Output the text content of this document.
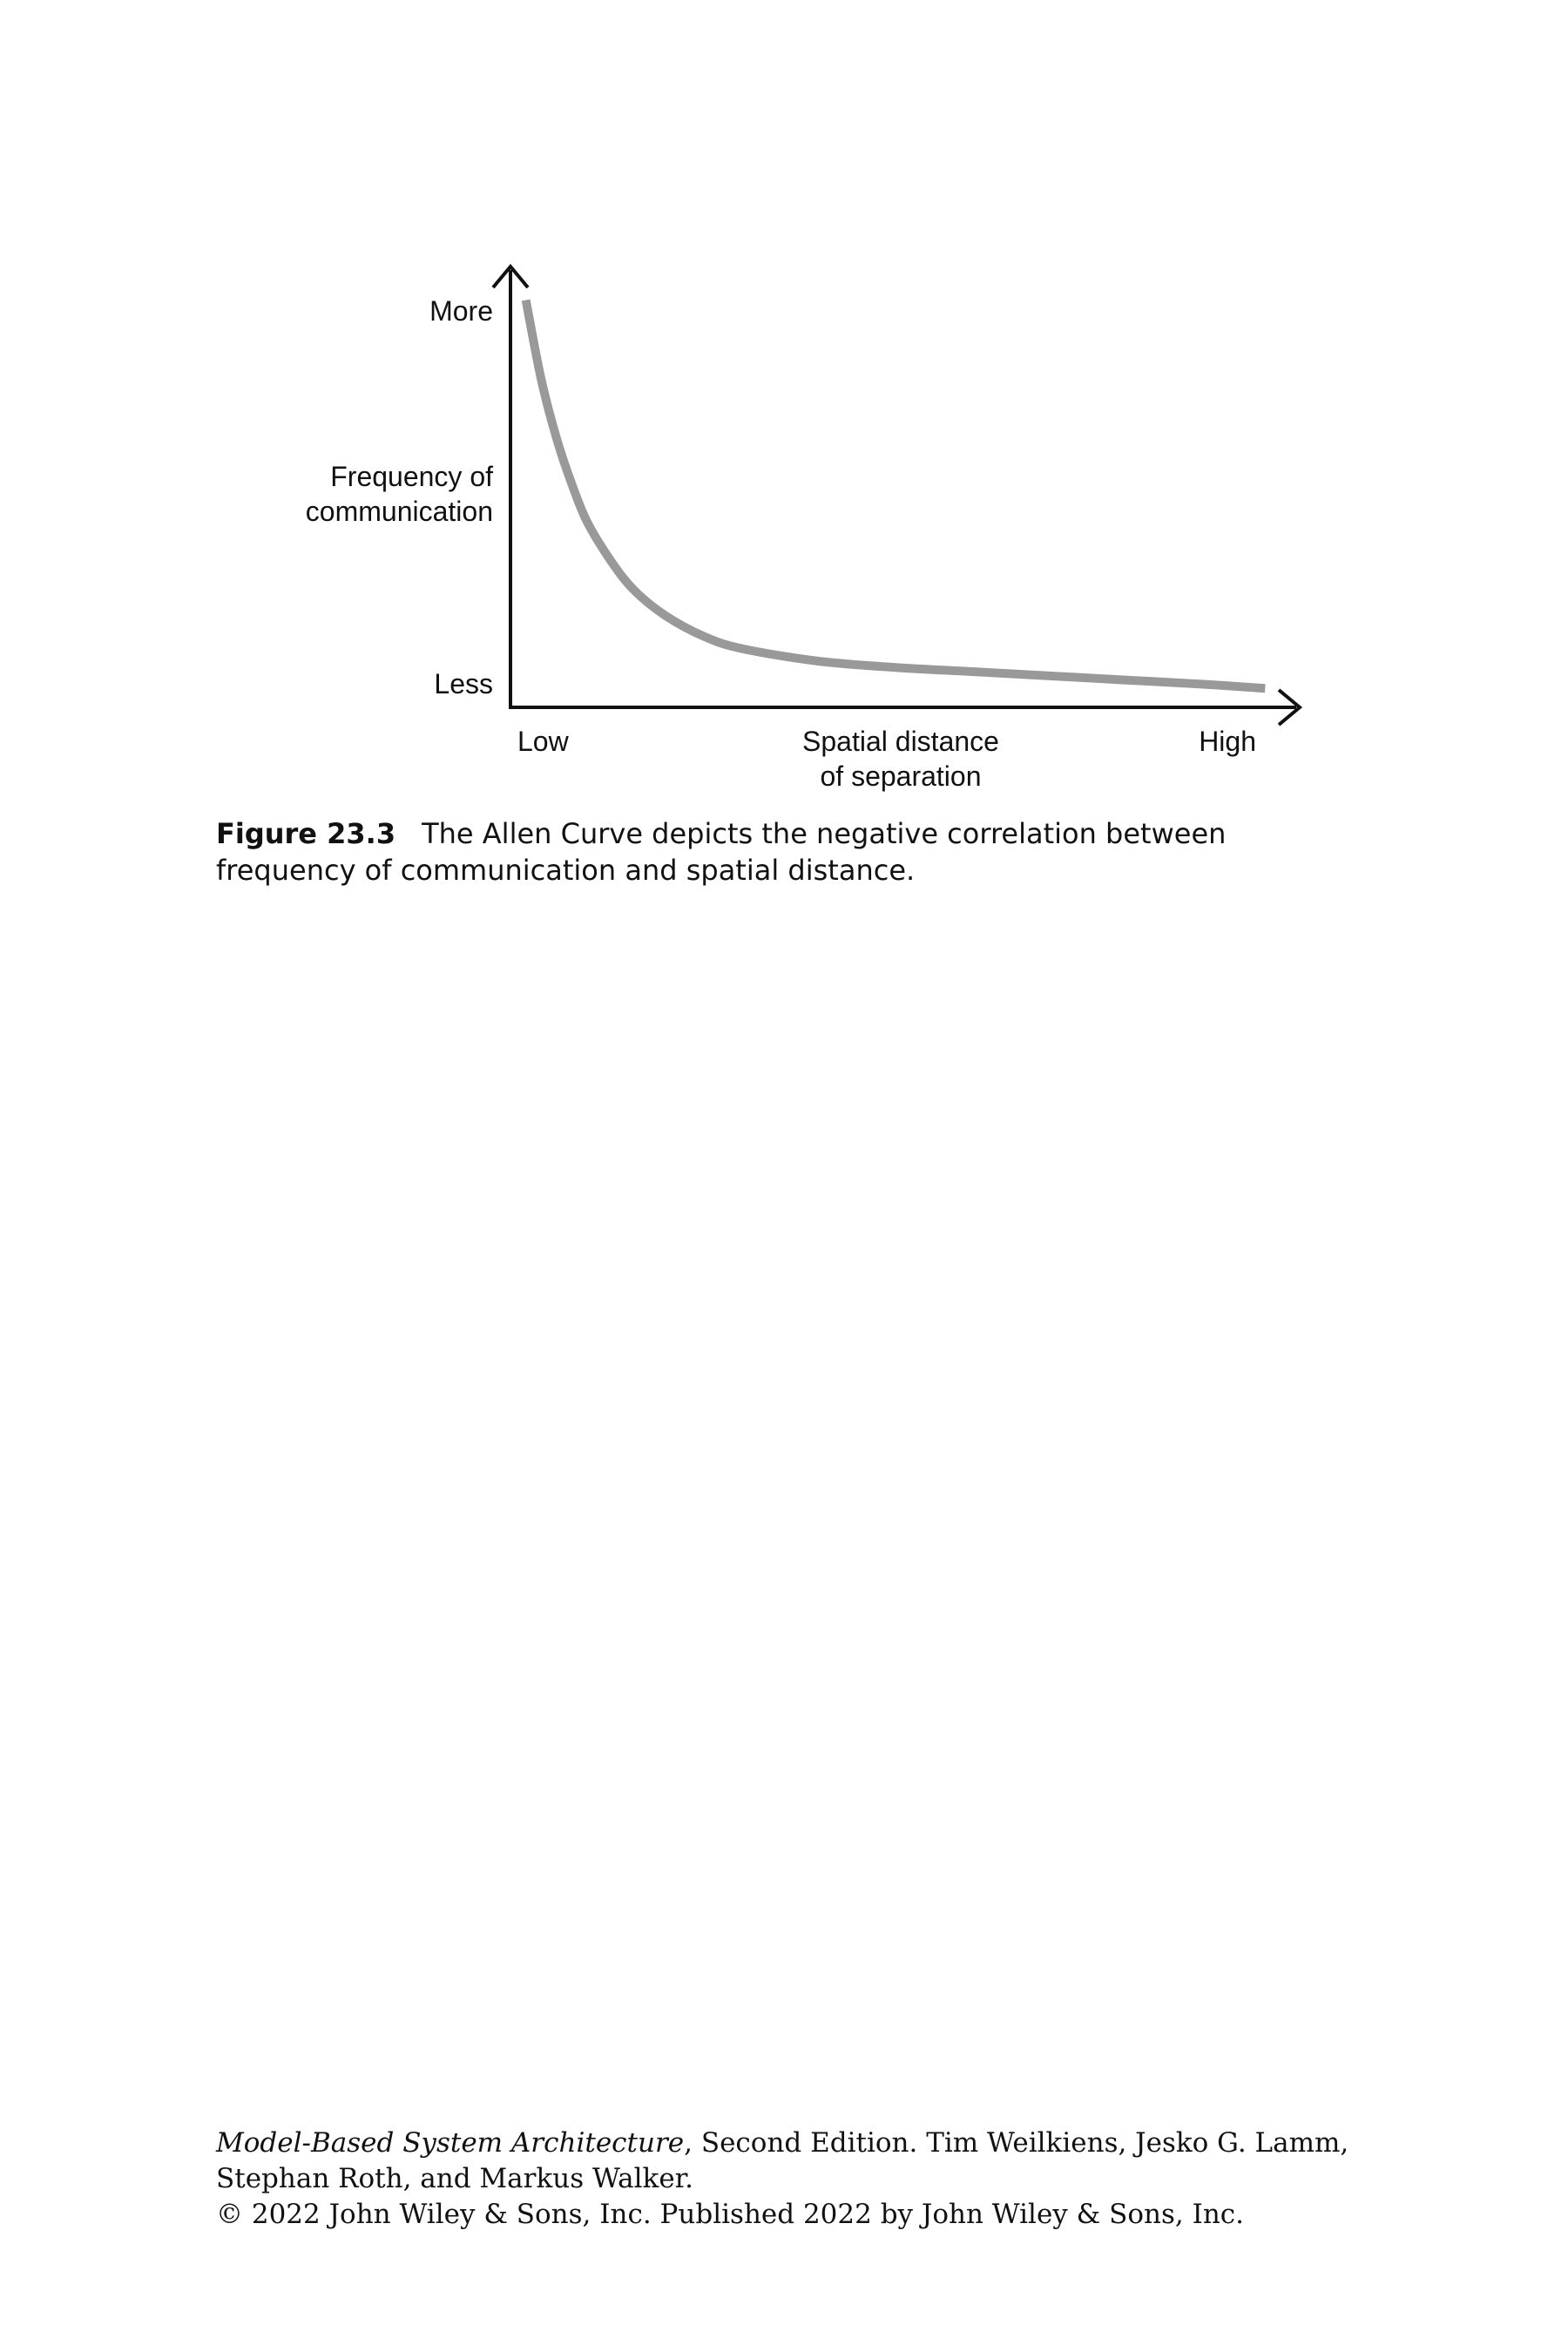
More
Frequency of
communication
Less
Low	Spatial distance
of separation
High
Figure 23.3 The Allen Curve depicts the negative correlation between frequency of communication and spatial distance.
Model-Based System Architecture, Second Edition. Tim Weilkiens, Jesko G. Lamm,
Stephan Roth, and Markus Walker.
© 2022 John Wiley & Sons, Inc. Published 2022 by John Wiley & Sons, Inc.
